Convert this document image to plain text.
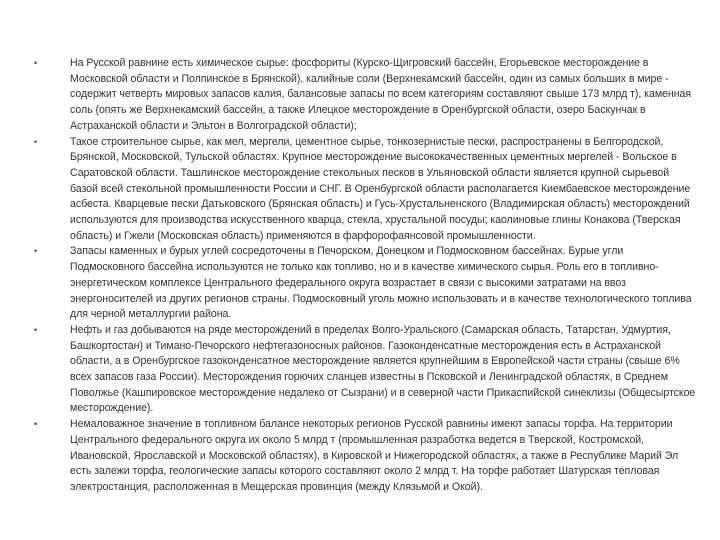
•	На Русской равнине есть химическое сырье: фосфориты (Курско-Щигровский бассейн, Егорьевское месторождение в Московской области и Полпинское в Брянской), калийные соли (Верхнекамский бассейн, один из самых больших в мире - содержит четверть мировых запасов калия, балансовые запасы по всем категориям составляют свыше 173 млрд т), каменная соль (опять же Верхнекамский бассейн, а также Илецкое месторождение в Оренбургской области, озеро Баскунчак в Астраханской области и Эльтон в Волгоградской области);
•	Такое строительное сырье, как мел, мергели, цементное сырье, тонкозернистые пески, распространены в Белгородской, Брянской, Московской, Тульской областях. Крупное месторождение высококачественных цементных мергелей - Вольское в Саратовской области. Ташлинское месторождение стекольных песков в Ульяновской области является крупной сырьевой базой всей стекольной промышленности России и СНГ. В Оренбургской области располагается Киембаевское месторождение асбеста. Кварцевые пески Датьковского (Брянская область) и Гусь-Хрустальненского (Владимирская область) месторождений используются для производства искусственного кварца, стекла, хрустальной посуды; каолиновые глины Конакова (Тверская область) и Гжели (Московская область) применяются в фарфорофаянсовой промышленности.
•	Запасы каменных и бурых углей сосредоточены в Печорском, Донецком и Подмосковном бассейнах. Бурые угли Подмосковного бассейна используются не только как топливо, но и в качестве химического сырья. Роль его в топливно-энергетическом комплексе Центрального федерального округа возрастает в связи с высокими затратами на ввоз энергоносителей из других регионов страны. Подмосковный уголь можно использовать и в качестве технологического топлива для черной металлургии района.
•	Нефть и газ добываются на ряде месторождений в пределах Волго-Уральского (Самарская область, Татарстан, Удмуртия, Башкортостан) и Тимано-Печорского нефтегазоносных районов. Газоконденсатные месторождения есть в Астраханской области, а в Оренбургское газоконденсатное месторождение является крупнейшим в Европейской части страны (свыше 6% всех запасов газа России). Месторождения горючих сланцев известны в Псковской и Ленинградской областях, в Среднем Поволжье (Кашпировское месторождение недалеко от Сызрани) и в северной части Прикаспийской синеклизы (Общесыртское месторождение).
•	Немаловажное значение в топливном балансе некоторых регионов Русской равнины имеют запасы торфа. На территории Центрального федерального округа их около 5 млрд т (промышленная разработка ведется в Тверской, Костромской, Ивановской, Ярославской и Московской областях), в Кировской и Нижегородской областях, а также в Республике Марий Эл есть залежи торфа, геологические запасы которого составляют около 2 млрд т. На торфе работает Шатурская тепловая электростанция, расположенная в Мещерская провинция (между Клязьмой и Окой).
